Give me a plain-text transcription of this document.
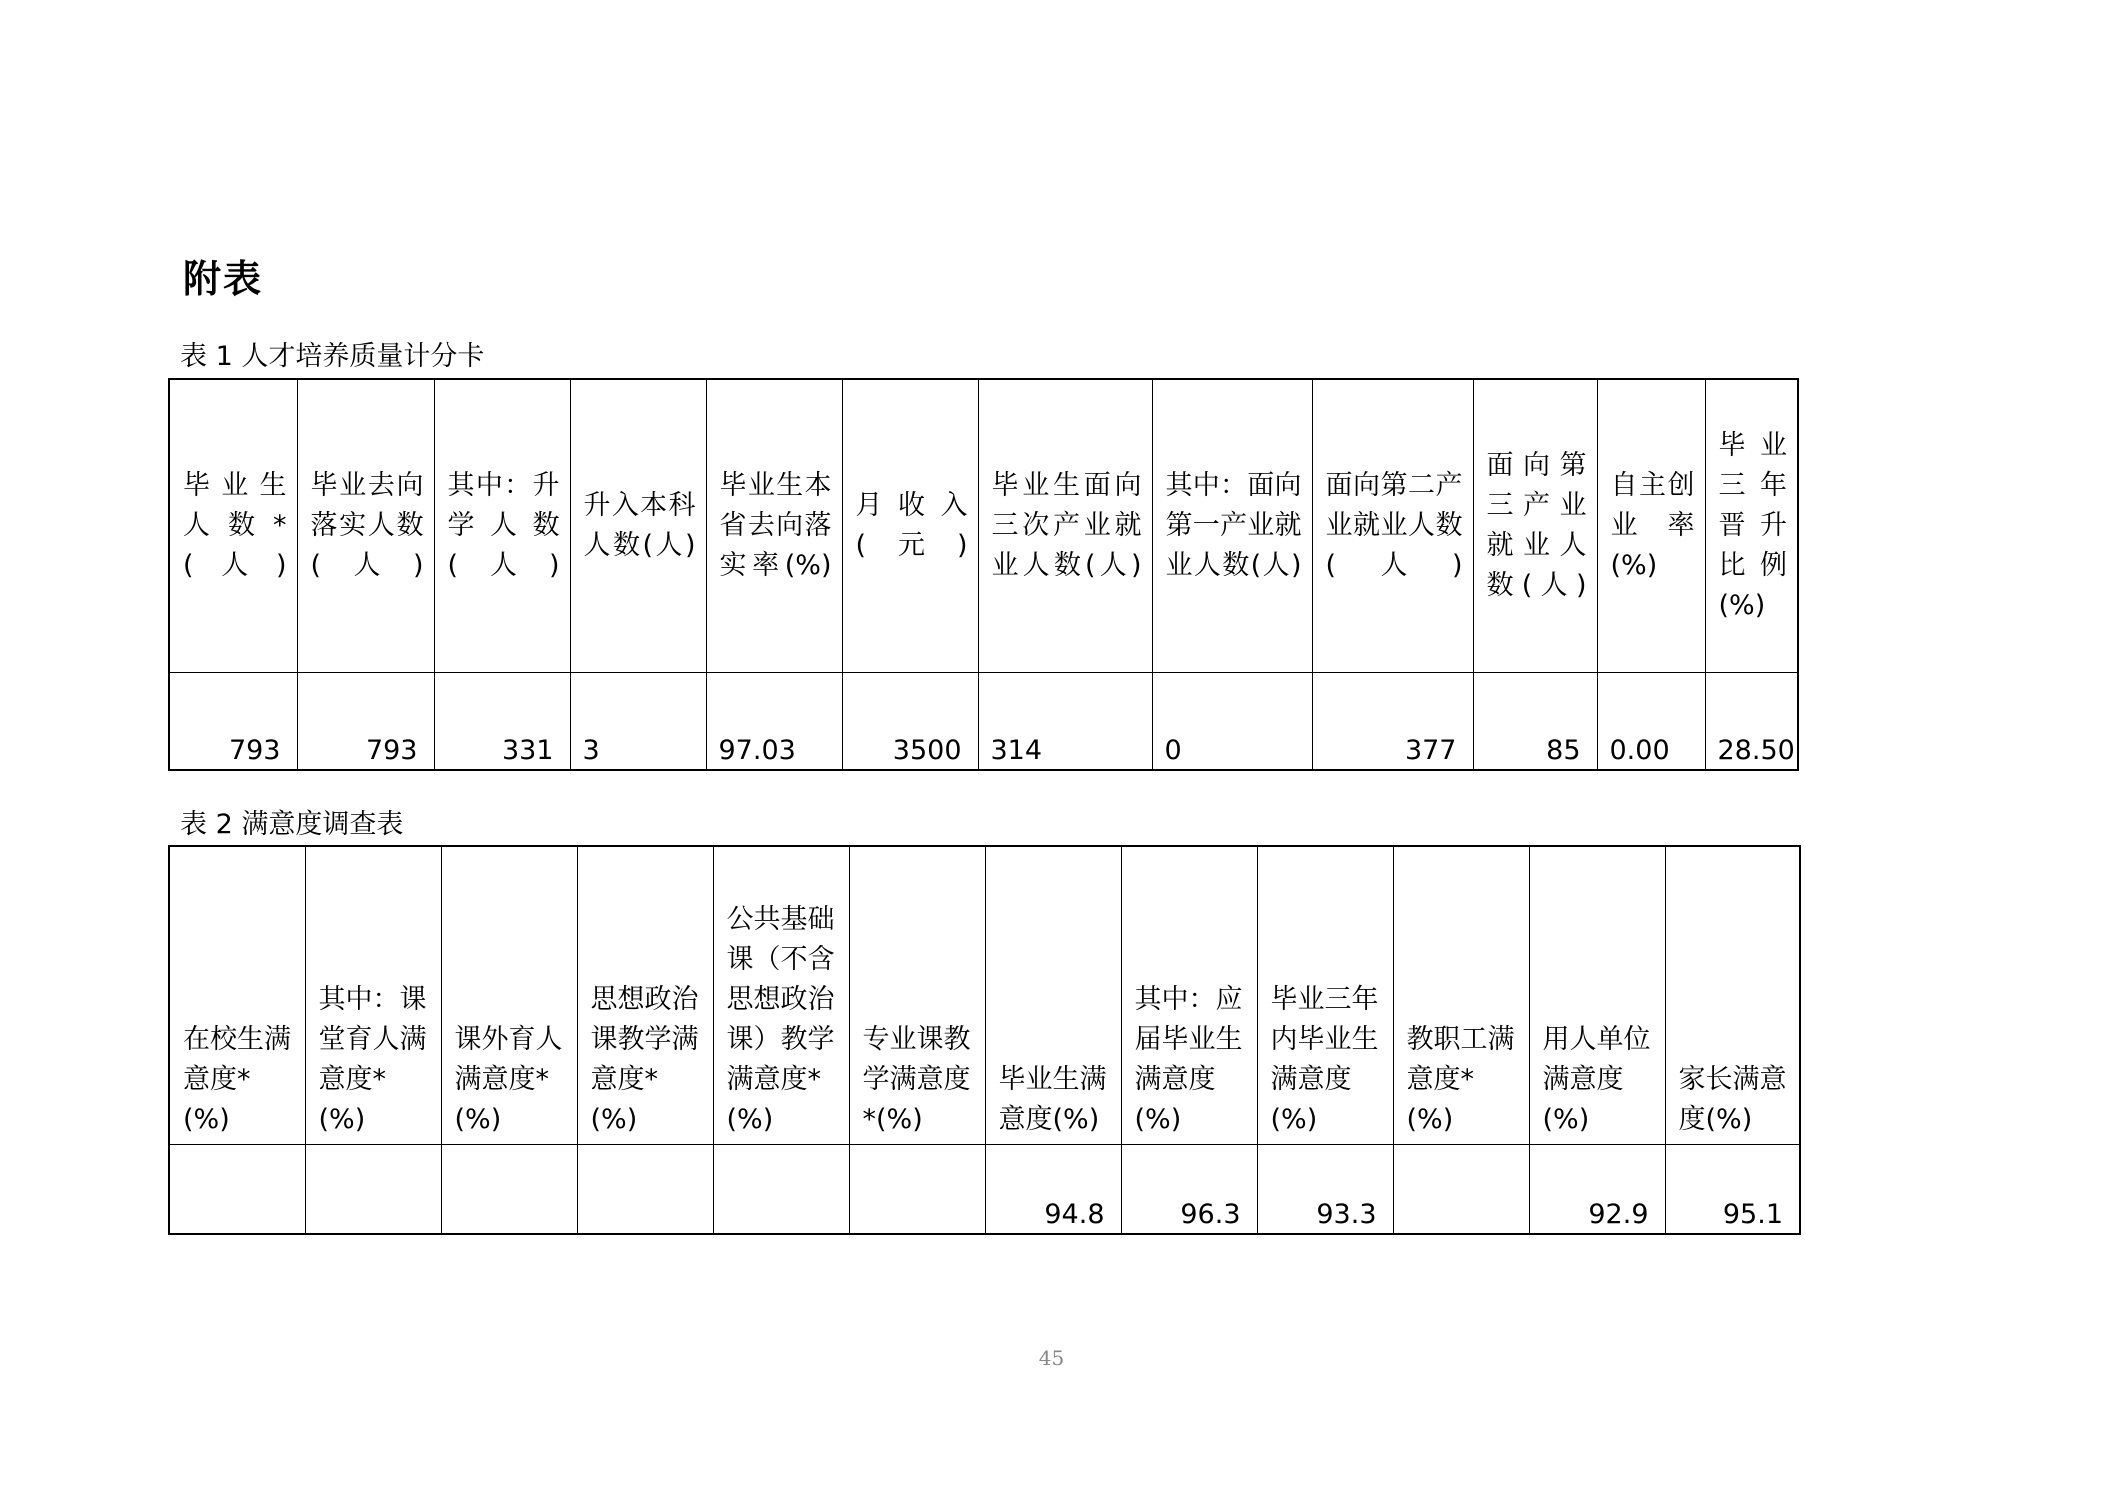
附表
表 1 人才培养质量计分卡
毕业生人 数 *(人)	毕业去向落实人数(人)	其中：升学人数(人)	升入本科人数(人)	毕业生本省去向落实率(%)	月收入(元)	毕业生面向三次产业就业人数(人)	其中：面向第一产业就业人数(人)	面向第二产业就业人数(人)	面向第三产业就业人数(人)	自主创业率(%)	毕业三年晋升比例(%)

793	793	331	3	97.03	3500	314	0	377	85	0.00	28.50
表 2 满意度调查表
在校生满意度*(%)	其中：课堂育人满意度*(%)	课外育人满意度*(%)	思想政治课教学满意度*(%)	公共基础课（不含思想政治课）教学满意度*(%)	专业课教学满意度*(%)	毕业生满意度(%)	其中：应届毕业生满意度(%)	毕业三年内毕业生满意度(%)	教职工满意度*(%)	用人单位满意度(%)	家长满意度(%)
						94.8	96.3	93.3		92.9	95.1
45
